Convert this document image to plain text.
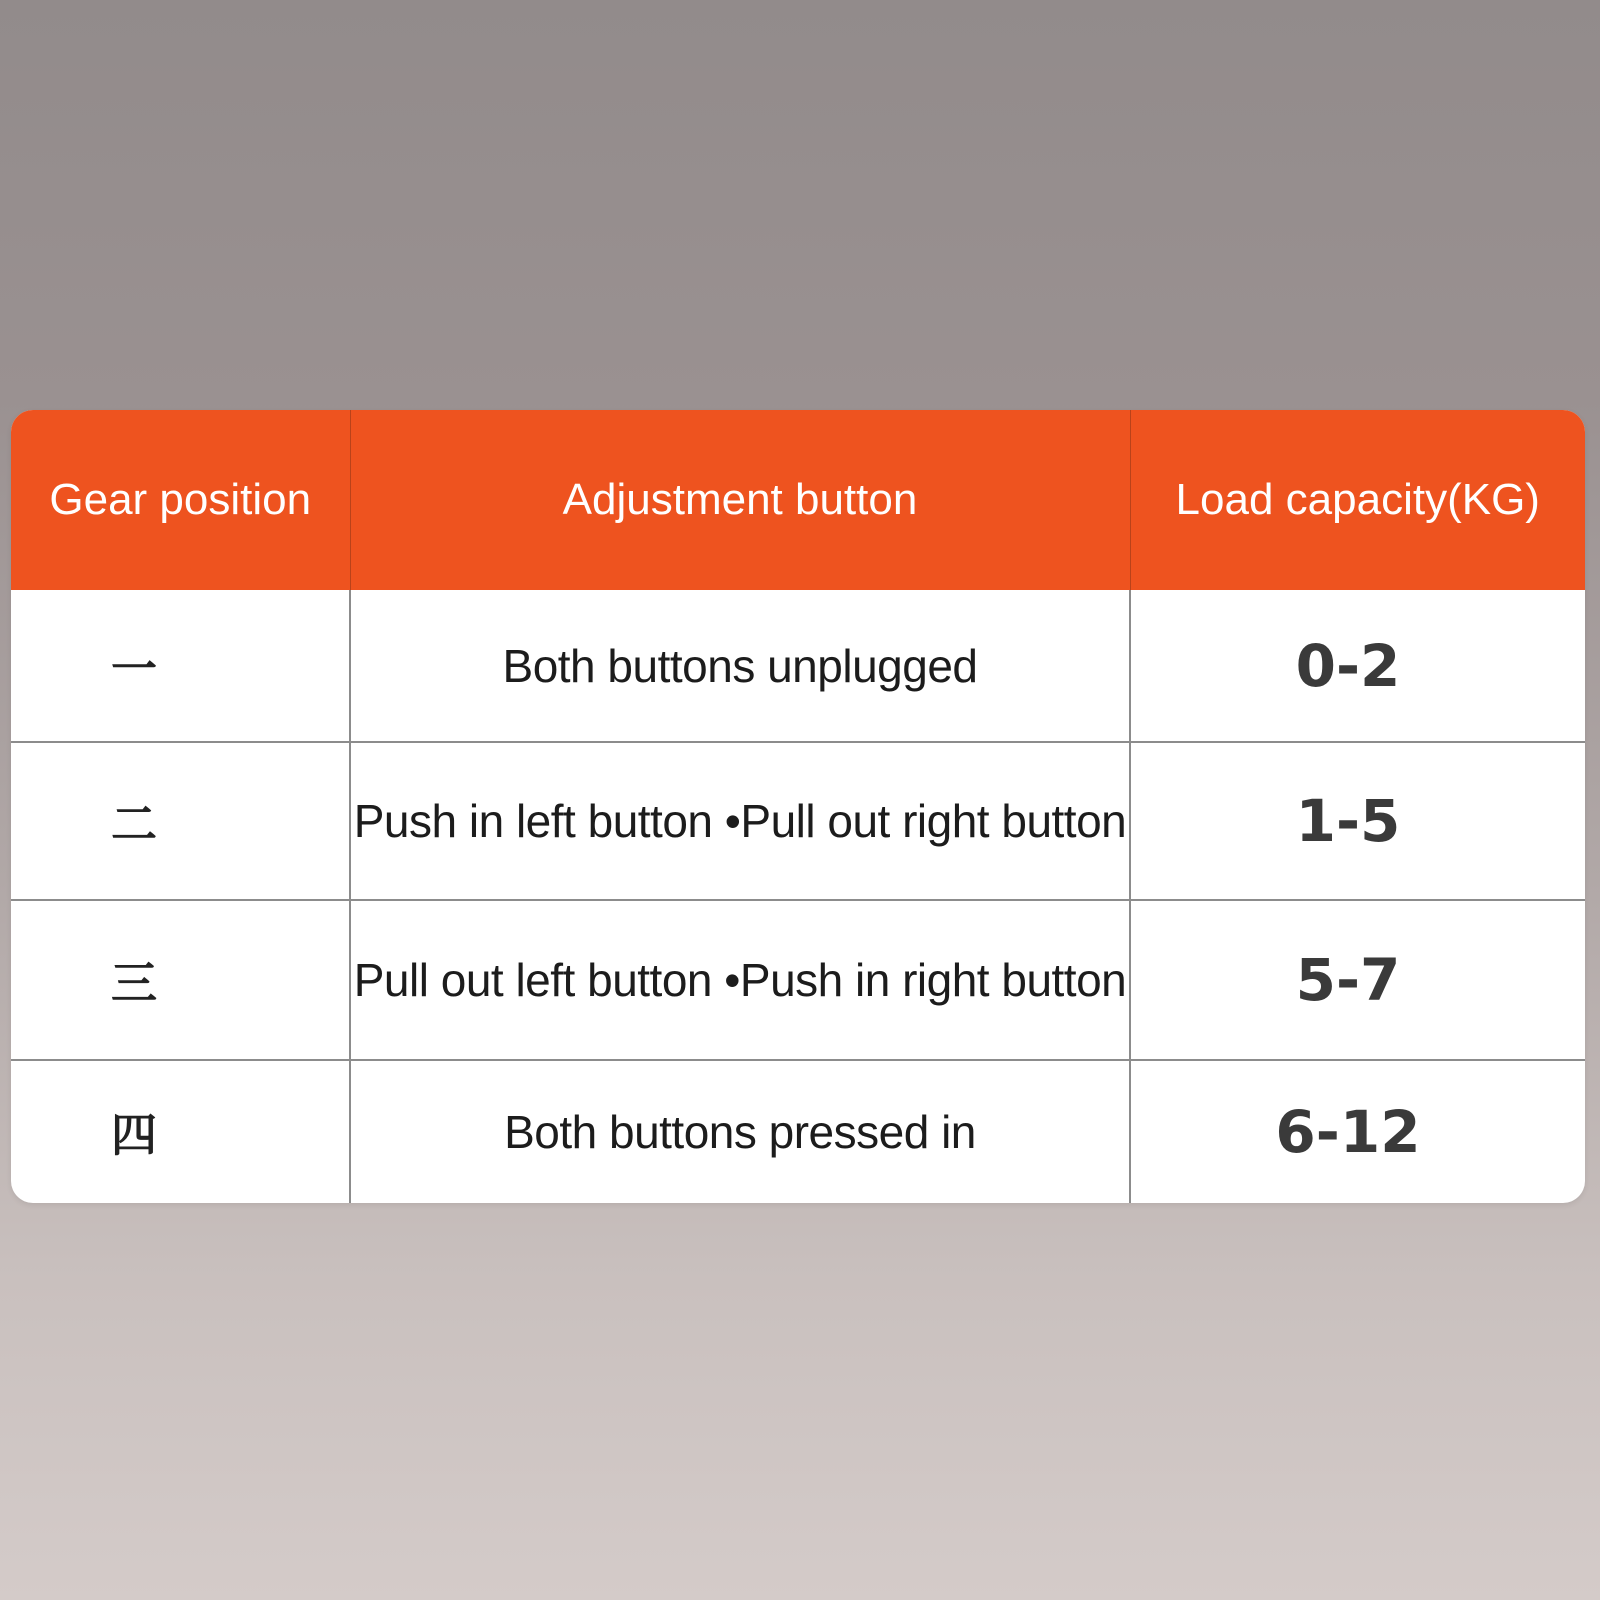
Gear position	Adjustment button	Load capacity(KG)
一	Both buttons unplugged	0-2
二	Push in left button •Pull out right button	1-5
三	Pull out left button •Push in right button	5-7
四	Both buttons pressed in	6-12
